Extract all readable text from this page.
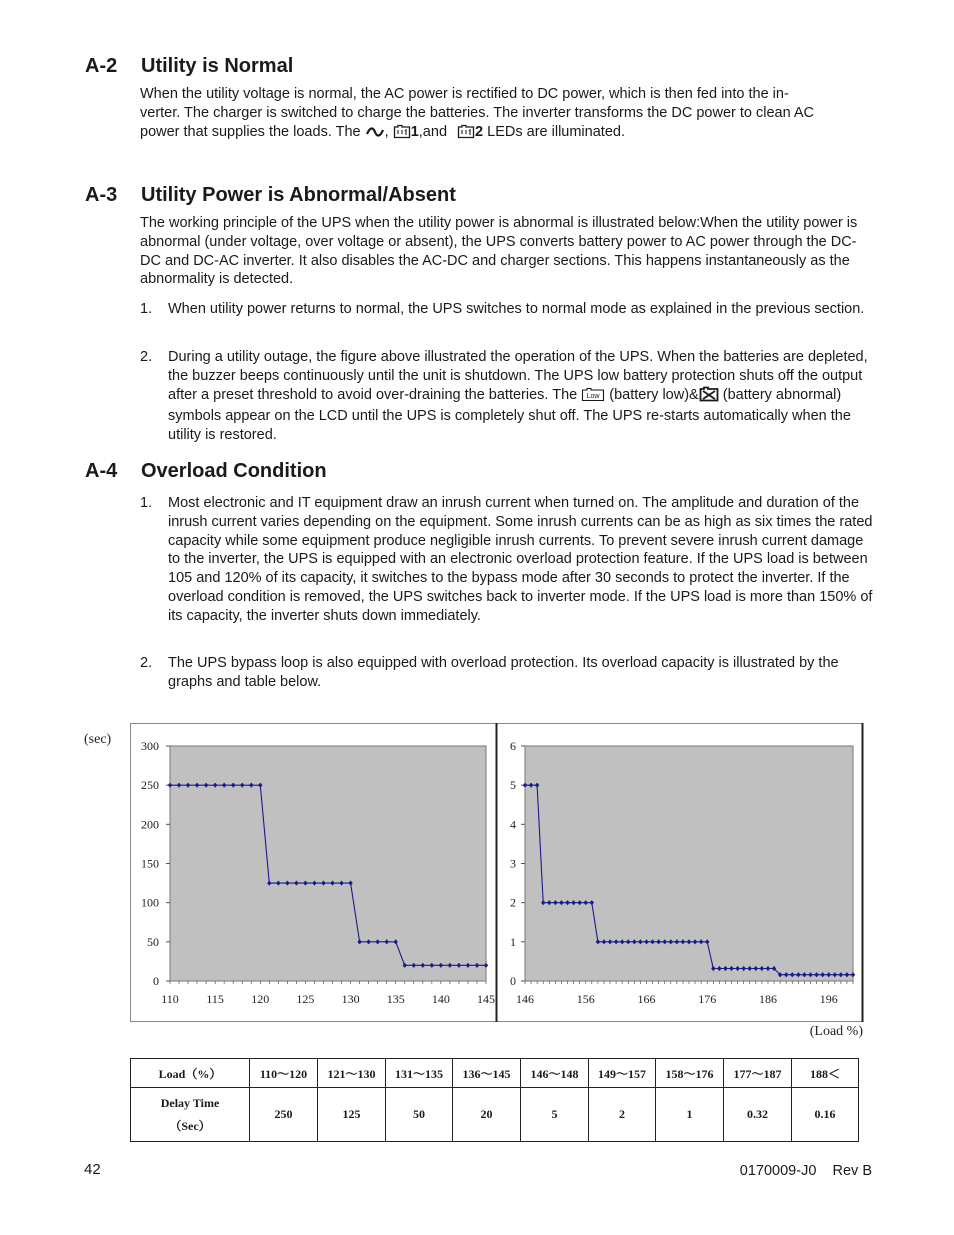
A-2 Utility is Normal
When the utility voltage is normal, the AC power is rectified to DC power, which is then fed into the in-
verter. The charger is switched to charge the batteries. The inverter transforms the DC power to clean AC
power that supplies the loads. The , 1,and 2 LEDs are illuminated.
A-3 Utility Power is Abnormal/Absent
The working principle of the UPS when the utility power is abnormal is illustrated below:When the utility power is abnormal (under voltage, over voltage or absent), the UPS converts battery power to AC power through the DC-DC and DC-AC inverter. It also disables the AC-DC and charger sections. This happens instantaneously as the abnormality is detected.
1. When utility power returns to normal, the UPS switches to normal mode as explained in the previous section.
2. During a utility outage, the figure above illustrated the operation of the UPS. When the batteries are depleted, the buzzer beeps continuously until the unit is shutdown. The UPS low battery protection shuts off the output after a preset threshold to avoid over-draining the batteries. The Low (battery low)& (battery abnormal) symbols appear on the LCD until the UPS is completely shut off. The UPS re-starts automatically when the utility is restored.
A-4 Overload Condition
1. Most electronic and IT equipment draw an inrush current when turned on. The amplitude and duration of the inrush current varies depending on the equipment. Some inrush currents can be as high as six times the rated capacity while some equipment produce negligible inrush currents. To prevent severe inrush current damage to the inverter, the UPS is equipped with an electronic overload protection feature. If the UPS load is between 105 and 120% of its capacity, it switches to the bypass mode after 30 seconds to protect the inverter. If the overload condition is removed, the UPS switches back to inverter mode. If the UPS load is more than 150% of its capacity, the inverter shuts down immediately.
2. The UPS bypass loop is also equipped with overload protection. Its overload capacity is illustrated by the graphs and table below.
0
50
100
150
200
250
300
110 115 120 125 130 135 140 145
(sec)
0
1
2
3
4
5
6
146	156	166	176	186	196
(Load %)
Load（%）	110～120	121～130	131～135	136～145	146～148	149～157	158～176	177～187	188＜

Delay Time
（Sec）	250	125	50	20	5	2	1	0.32	0.16
42	0170009-J0    Rev B
